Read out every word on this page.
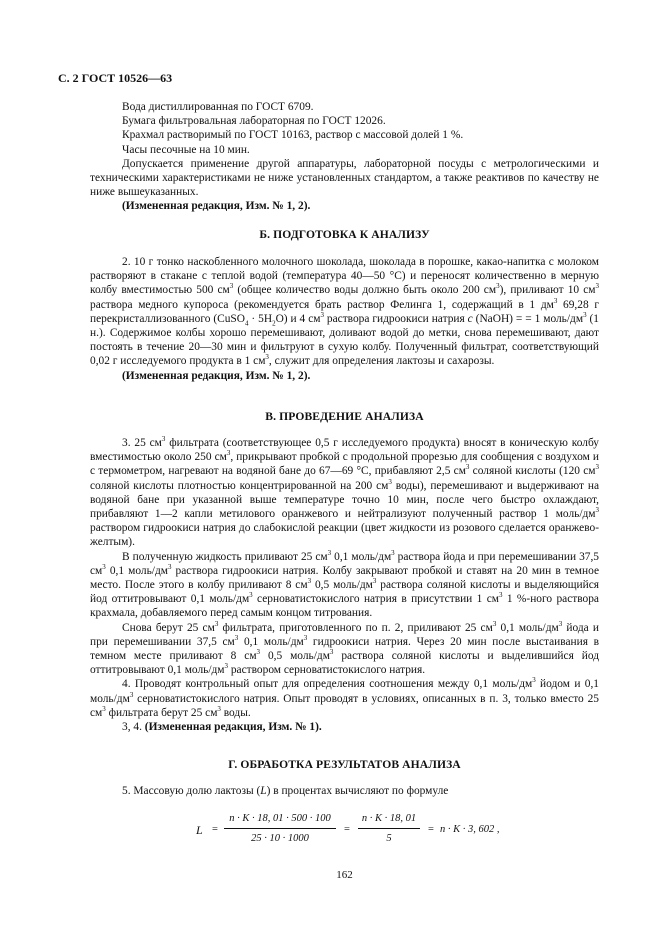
С. 2 ГОСТ 10526—63

Вода дистиллированная по ГОСТ 6709.

Бумага фильтровальная лабораторная по ГОСТ 12026.

Крахмал растворимый по ГОСТ 10163, раствор с массовой долей 1 %.

Часы песочные на 10 мин.

Допускается применение другой аппаратуры, лабораторной посуды с метрологическими и техническими характеристиками не ниже установленных стандартом, а также реактивов по качеству не ниже вышеуказанных.

(Измененная редакция, Изм. № 1, 2).

Б. ПОДГОТОВКА К АНАЛИЗУ

2. 10 г тонко наскобленного молочного шоколада, шоколада в порошке, какао-напитка с молоком растворяют в стакане с теплой водой (температура 40—50 °С) и переносят количественно в мерную колбу вместимостью 500 $см^3$ (общее количество воды должно быть около 200 $см^3$), приливают 10 $см^3$ раствора медного купороса (рекомендуется брать раствор Фелинга 1, содержащий в 1 $дм^3$ 69,28 г перекристаллизованного (CuSO$_4$ · $5H_2O$) и 4 $см^3$ раствора гидроокиси натрия c (NaOH) = = 1 моль/$дм^3$ (1 н.). Содержимое колбы хорошо перемешивают, доливают водой до метки, снова перемешивают, дают постоять в течение 20—30 мин и фильтруют в сухую колбу. Полученный фильтрат, соответствующий 0,02 г исследуемого продукта в 1 $см^3$, служит для определения лактозы и сахарозы.

(Измененная редакция, Изм. № 1, 2).

В. ПРОВЕДЕНИЕ АНАЛИЗА

3. 25 $см^3$ фильтрата (соответствующее 0,5 г исследуемого продукта) вносят в коническую колбу вместимостью около 250 $см^3$, прикрывают пробкой с продольной прорезью для сообщения с воздухом и с термометром, нагревают на водяной бане до 67—69 °С, прибавляют 2,5 $см^3$ соляной кислоты (120 $см^3$ соляной кислоты плотностью концентрированной на 200 $см^3$ воды), перемешивают и выдерживают на водяной бане при указанной выше температуре точно 10 мин, после чего быстро охлаждают, прибавляют 1—2 капли метилового оранжевого и нейтрализуют полученный раствор 1 моль/$дм^3$ раствором гидроокиси натрия до слабокислой реакции (цвет жидкости из розового сделается оранжево-желтым).

В полученную жидкость приливают 25 $см^3$ 0,1 моль/$дм^3$ раствора йода и при перемешивании 37,5 $см^3$ 0,1 моль/$дм^3$ раствора гидроокиси натрия. Колбу закрывают пробкой и ставят на 20 мин в темное место. После этого в колбу приливают 8 $см^3$ 0,5 моль/$дм^3$ раствора соляной кислоты и выделяющийся йод оттитровывают 0,1 моль/$дм^3$ серноватистокислого натрия в присутствии 1 $см^3$ 1 %-ного раствора крахмала, добавляемого перед самым концом титрования.

Снова берут 25 $см^3$ фильтрата, приготовленного по п. 2, приливают 25 $см^3$ 0,1 моль/$дм^3$ йода и при перемешивании 37,5 $см^3$ 0,1 моль/$дм^3$ гидроокиси натрия. Через 20 мин после выстаивания в темном месте приливают 8 $см^3$ 0,5 моль/$дм^3$ раствора соляной кислоты и выделившийся йод оттитровывают 0,1 моль/$дм^3$ раствором серноватистокислого натрия.

4. Проводят контрольный опыт для определения соотношения между 0,1 моль/$дм^3$ йодом и 0,1 моль/$дм^3$ серноватистокислого натрия. Опыт проводят в условиях, описанных в п. 3, только вместо 25 $см^3$ фильтрата берут 25 $см^3$ воды.

3, 4. (Измененная редакция, Изм. № 1).

Г. ОБРАБОТКА РЕЗУЛЬТАТОВ АНАЛИЗА

5. Массовую долю лактозы (L) в процентах вычисляют по формуле

$L = \frac{n \cdot K \cdot 18, 01 \cdot 500 \cdot 100}{25 \cdot 10 \cdot 1000} = \frac{n \cdot K \cdot 18, 01}{5} = n \cdot K \cdot 3$, 602 ,
162
